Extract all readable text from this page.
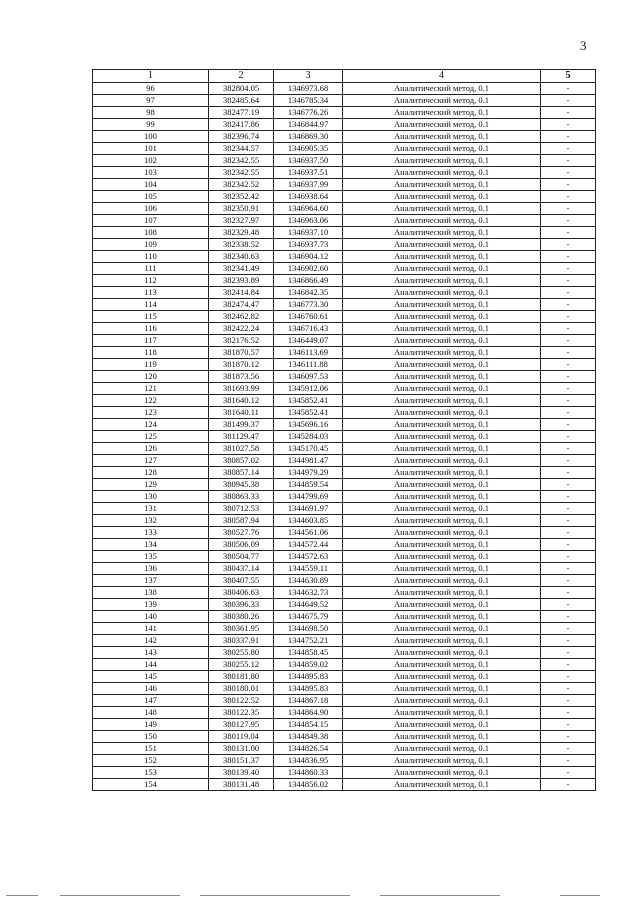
3
1	2	3	4	5
96	382804.05	1346973.68	Аналитический метод, 0.1	-
97	382485.64	1346785.34	Аналитический метод, 0.1	-
98	382477.19	1346776.26	Аналитический метод, 0.1	-
99	382417.86	1346844.97	Аналитический метод, 0.1	-
100	382396.74	1346869.30	Аналитический метод, 0.1	-
101	382344.57	1346905.35	Аналитический метод, 0.1	-
102	382342.55	1346937.50	Аналитический метод, 0.1	-
103	382342.55	1346937.51	Аналитический метод, 0.1	-
104	382342.52	1346937.99	Аналитический метод, 0.1	-
105	382352.42	1346938.64	Аналитический метод, 0.1	-
106	382350.91	1346964.60	Аналитический метод, 0.1	-
107	382327.97	1346963.06	Аналитический метод, 0.1	-
108	382329.48	1346937.10	Аналитический метод, 0.1	-
109	382338.52	1346937.73	Аналитический метод, 0.1	-
110	382340.63	1346904.12	Аналитический метод, 0.1	-
111	382341.49	1346902.60	Аналитический метод, 0.1	-
112	382393.89	1346866.49	Аналитический метод, 0.1	-
113	382414.84	1346842.35	Аналитический метод, 0.1	-
114	382474.47	1346773.30	Аналитический метод, 0.1	-
115	382462.82	1346760.61	Аналитический метод, 0.1	-
116	382422.24	1346716.43	Аналитический метод, 0.1	-
117	382176.52	1346449.07	Аналитический метод, 0.1	-
118	381870.57	1346113.69	Аналитический метод, 0.1	-
119	381870.12	1346111.88	Аналитический метод, 0.1	-
120	381873.56	1346097.53	Аналитический метод, 0.1	-
121	381693.99	1345912.06	Аналитический метод, 0.1	-
122	381640.12	1345852.41	Аналитический метод, 0.1	-
123	381640.11	1345852.41	Аналитический метод, 0.1	-
124	381499.37	1345696.16	Аналитический метод, 0.1	-
125	381129.47	1345284.03	Аналитический метод, 0.1	-
126	381027.58	1345170.45	Аналитический метод, 0.1	-
127	380857.02	1344981.47	Аналитический метод, 0.1	-
128	380857.14	1344979.29	Аналитический метод, 0.1	-
129	380945.38	1344859.54	Аналитический метод, 0.1	-
130	380863.33	1344799.69	Аналитический метод, 0.1	-
131	380712.53	1344691.97	Аналитический метод, 0.1	-
132	380587.94	1344603.85	Аналитический метод, 0.1	-
133	380527.76	1344561.06	Аналитический метод, 0.1	-
134	380506.09	1344572.44	Аналитический метод, 0.1	-
135	380504.77	1344572.63	Аналитический метод, 0.1	-
136	380437.14	1344559.11	Аналитический метод, 0.1	-
137	380407.55	1344630.89	Аналитический метод, 0.1	-
138	380406.63	1344632.73	Аналитический метод, 0.1	-
139	380396.33	1344649.52	Аналитический метод, 0.1	-
140	380380.26	1344675.79	Аналитический метод, 0.1	-
141	380361.95	1344698.50	Аналитический метод, 0.1	-
142	380337.91	1344752.21	Аналитический метод, 0.1	-
143	380255.80	1344858.45	Аналитический метод, 0.1	-
144	380255.12	1344859.02	Аналитический метод, 0.1	-
145	380181.80	1344895.83	Аналитический метод, 0.1	-
146	380180.01	1344895.83	Аналитический метод, 0.1	-
147	380122.52	1344867.18	Аналитический метод, 0.1	-
148	380122.35	1344864.90	Аналитический метод, 0.1	-
149	380127.95	1344854.15	Аналитический метод, 0.1	-
150	380119.04	1344849.38	Аналитический метод, 0.1	-
151	380131.00	1344826.54	Аналитический метод, 0.1	-
152	380151.37	1344836.95	Аналитический метод, 0.1	-
153	380139.40	1344860.33	Аналитический метод, 0.1	-
154	380131.48	1344856.02	Аналитический метод, 0.1	-
